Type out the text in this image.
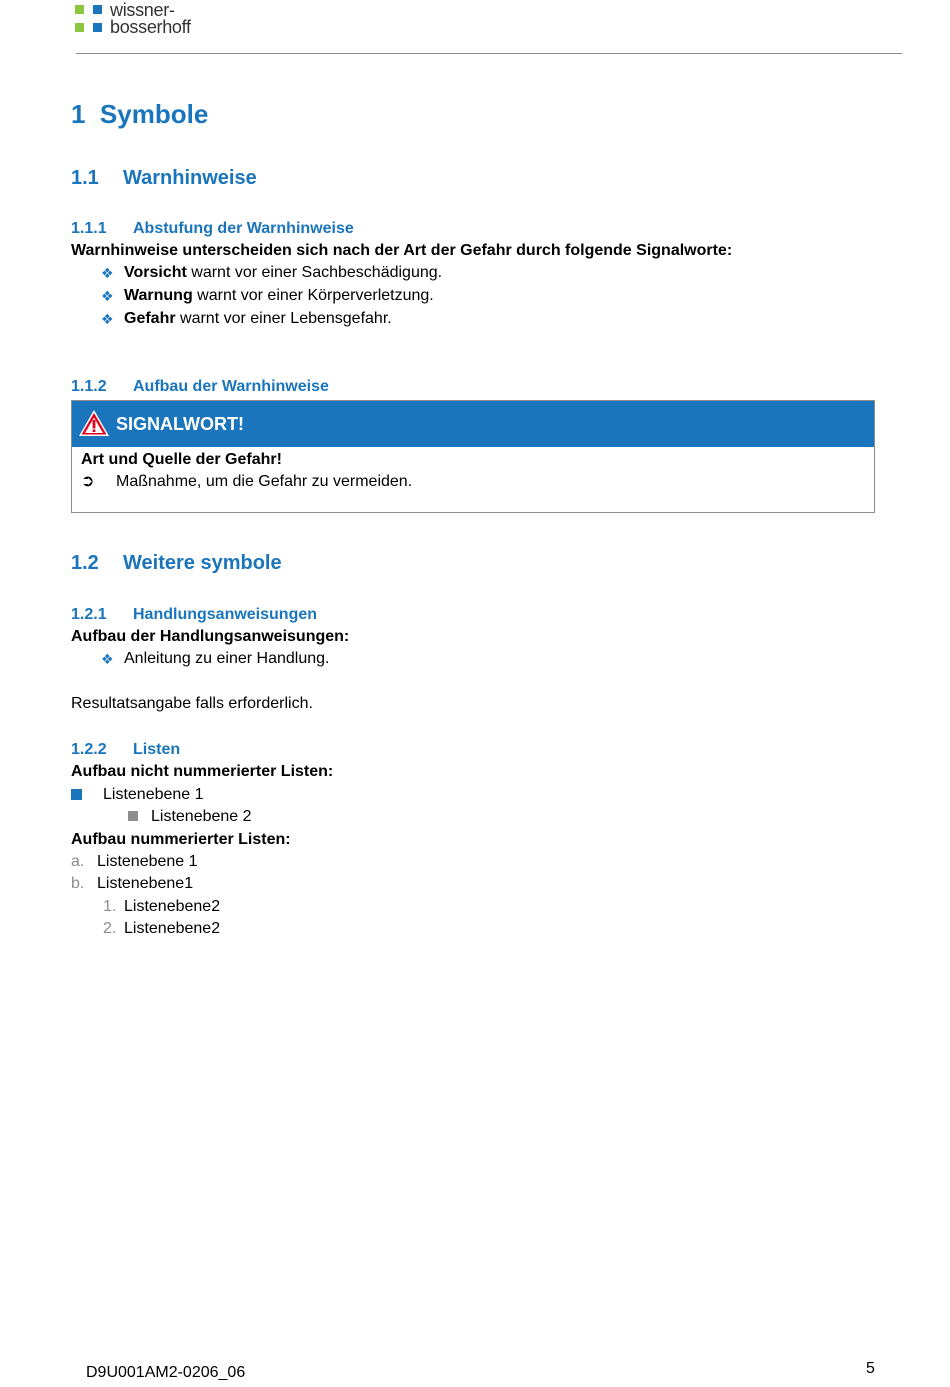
wissner-
bosserhoff
1 Symbole
1.1 Warnhinweise
1.1.1 Abstufung der Warnhinweise
Warnhinweise unterscheiden sich nach der Art der Gefahr durch folgende Signalworte:
❖ Vorsicht warnt vor einer Sachbeschädigung.
❖ Warnung warnt vor einer Körperverletzung.
❖ Gefahr warnt vor einer Lebensgefahr.
1.1.2 Aufbau der Warnhinweise
SIGNALWORT!
Art und Quelle der Gefahr!
➲ Maßnahme, um die Gefahr zu vermeiden.
1.2 Weitere symbole
1.2.1 Handlungsanweisungen
Aufbau der Handlungsanweisungen:
❖ Anleitung zu einer Handlung.
Resultatsangabe falls erforderlich.
1.2.2 Listen
Aufbau nicht nummerierter Listen:
Listenebene 1
Listenebene 2
Aufbau nummerierter Listen:
a. Listenebene 1
b. Listenebene1
1. Listenebene2
2. Listenebene2
D9U001AM2-0206_06	5
